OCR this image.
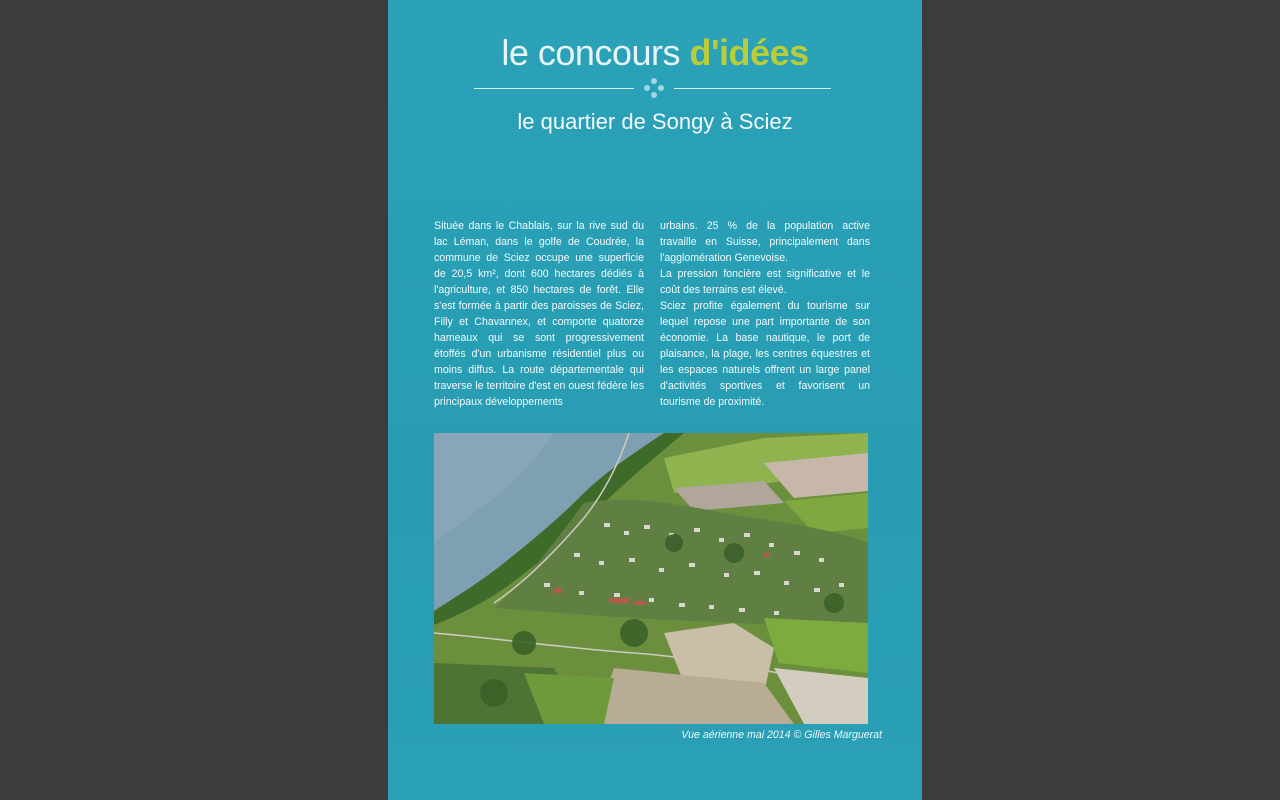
le concours d'idées
le quartier de Songy à Sciez

Située dans le Chablais, sur la rive sud du lac Léman, dans le golfe de Coudrée, la commune de Sciez occupe une superficie de 20,5 km², dont 600 hectares dédiés à l'agriculture, et 850 hectares de forêt. Elle s'est formée à partir des paroisses de Sciez, Filly et Chavannex, et comporte quatorze hameaux qui se sont progressivement étoffés d'un urbanisme résidentiel plus ou moins diffus. La route départementale qui traverse le territoire d'est en ouest fédère les principaux développements

urbains. 25 % de la population active travaille en Suisse, principalement dans l'agglomération Genevoise.

La pression foncière est significative et le coût des terrains est élevé.

Sciez profite également du tourisme sur lequel repose une part importante de son économie. La base nautique, le port de plaisance, la plage, les centres équestres et les espaces naturels offrent un large panel d'activités sportives et favorisent un tourisme de proximité.

Vue aérienne mai 2014 © Gilles Marguerat
